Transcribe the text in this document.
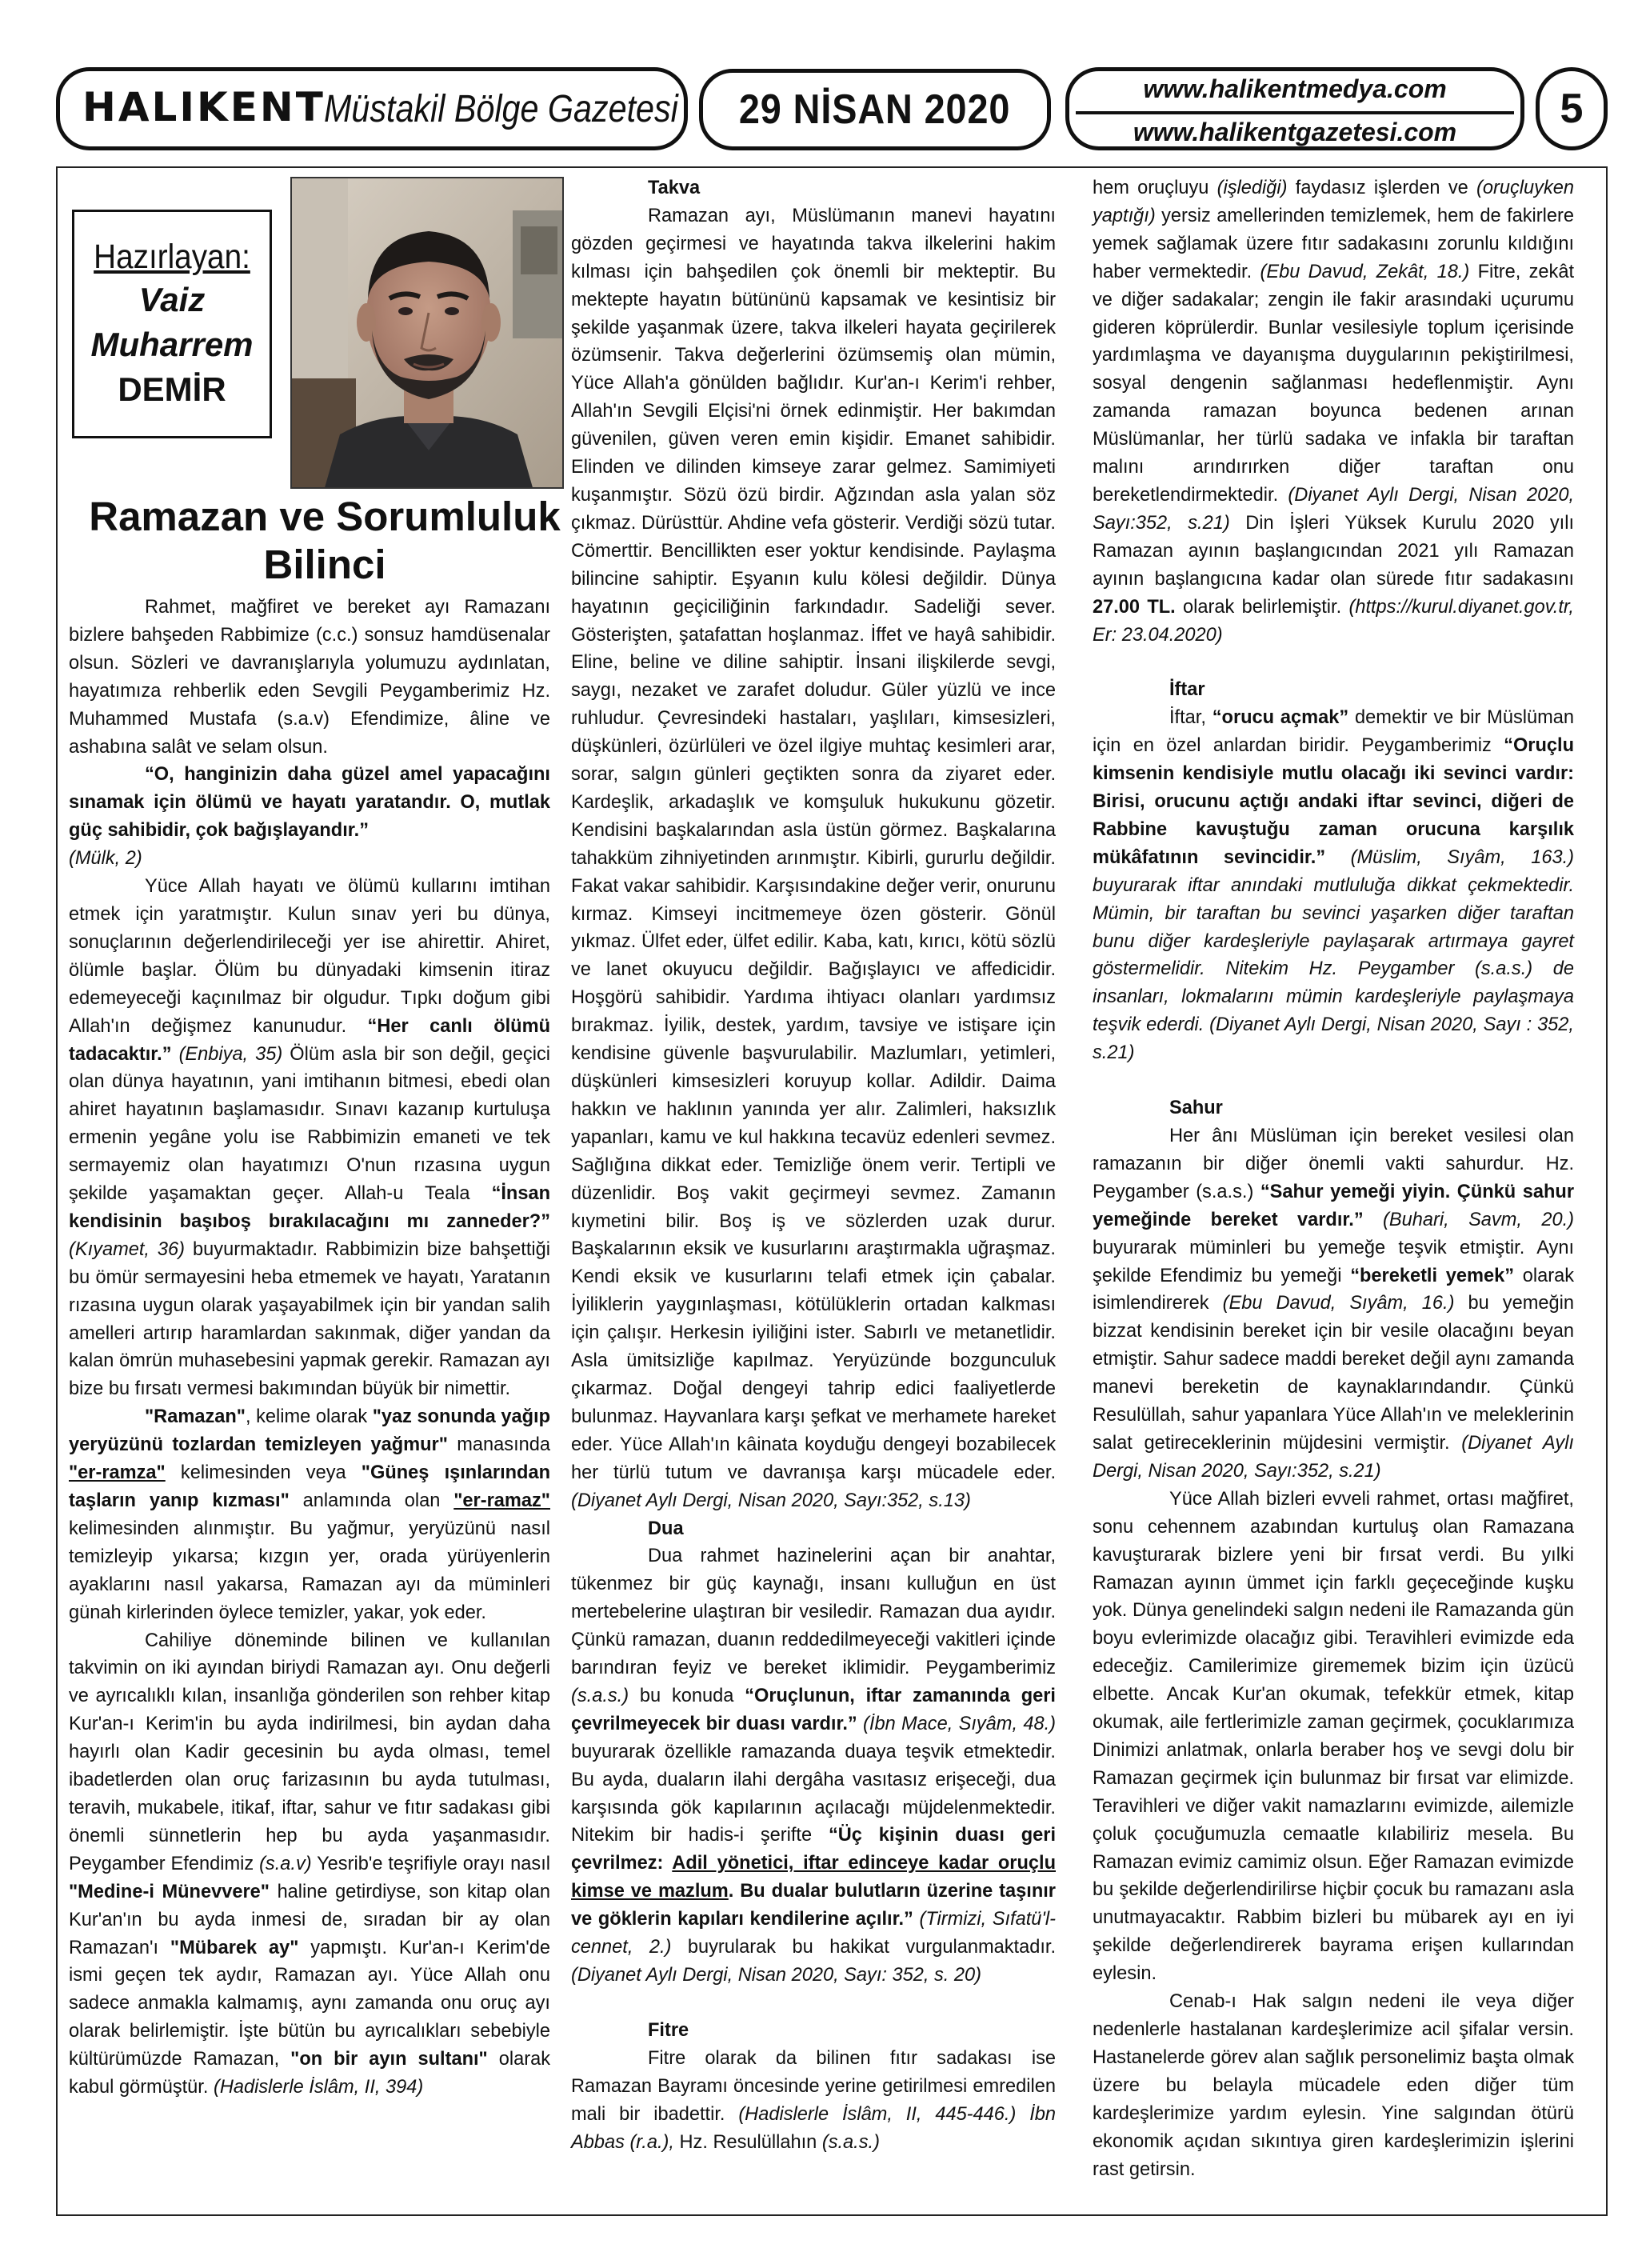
HALIKENT
Müstakil Bölge Gazetesi 29 NİSAN 2020	www.halikentmedya.com
www.halikentgazetesi.com	5
Hazırlayan:
Vaiz
Muharrem
DEMİR
Ramazan ve Sorumluluk
Bilinci

Rahmet, mağfiret ve bereket ayı Ramazanı bizlere bahşeden Rabbimize (c.c.) sonsuz hamdüsenalar olsun. Sözleri ve davranışlarıyla yolumuzu aydınlatan, hayatımıza rehberlik eden Sevgili Peygamberimiz Hz. Muhammed Mustafa (s.a.v) Efendimize, âline ve ashabına salât ve selam olsun.

“O, hanginizin daha güzel amel yapacağını sınamak için ölümü ve hayatı yaratandır. O, mutlak güç sahibidir, çok bağışlayandır.”

(Mülk, 2)

Yüce Allah hayatı ve ölümü kullarını imtihan etmek için yaratmıştır. Kulun sınav yeri bu dünya, sonuçlarının değerlendirileceği yer ise ahirettir. Ahiret, ölümle başlar. Ölüm bu dünyadaki kimsenin itiraz edemeyeceği kaçınılmaz bir olgudur. Tıpkı doğum gibi Allah'ın değişmez kanunudur. “Her canlı ölümü tadacaktır.” (Enbiya, 35) Ölüm asla bir son değil, geçici olan dünya hayatının, yani imtihanın bitmesi, ebedi olan ahiret hayatının başlamasıdır. Sınavı kazanıp kurtuluşa ermenin yegâne yolu ise Rabbimizin emaneti ve tek sermayemiz olan hayatımızı O'nun rızasına uygun şekilde yaşamaktan geçer. Allah-u Teala “İnsan kendisinin başıboş bırakılacağını mı zanneder?” (Kıyamet, 36) buyurmaktadır. Rabbimizin bize bahşettiği bu ömür sermayesini heba etmemek ve hayatı, Yaratanın rızasına uygun olarak yaşayabilmek için bir yandan salih amelleri artırıp haramlardan sakınmak, diğer yandan da kalan ömrün muhasebesini yapmak gerekir. Ramazan ayı bize bu fırsatı vermesi bakımından büyük bir nimettir.

"Ramazan", kelime olarak "yaz sonunda yağıp yeryüzünü tozlardan temizleyen yağmur" manasında "er-ramza" kelimesinden veya "Güneş ışınlarından taşların yanıp kızması" anlamında olan "er-ramaz" kelimesinden alınmıştır. Bu yağmur, yeryüzünü nasıl temizleyip yıkarsa; kızgın yer, orada yürüyenlerin ayaklarını nasıl yakarsa, Ramazan ayı da müminleri günah kirlerinden öylece temizler, yakar, yok eder.

Cahiliye döneminde bilinen ve kullanılan takvimin on iki ayından biriydi Ramazan ayı. Onu değerli ve ayrıcalıklı kılan, insanlığa gönderilen son rehber kitap Kur'an-ı Kerim'in bu ayda indirilmesi, bin aydan daha hayırlı olan Kadir gecesinin bu ayda olması, temel ibadetlerden olan oruç farizasının bu ayda tutulması, teravih, mukabele, itikaf, iftar, sahur ve fıtır sadakası gibi önemli sünnetlerin hep bu ayda yaşanmasıdır. Peygamber Efendimiz (s.a.v) Yesrib'e teşrifiyle orayı nasıl "Medine-i Münevvere" haline getirdiyse, son kitap olan Kur'an'ın bu ayda inmesi de, sıradan bir ay olan Ramazan'ı "Mübarek ay" yapmıştı. Kur'an-ı Kerim'de ismi geçen tek aydır, Ramazan ayı. Yüce Allah onu sadece anmakla kalmamış, aynı zamanda onu oruç ayı olarak belirlemiştir. İşte bütün bu ayrıcalıkları sebebiyle kültürümüzde Ramazan, "on bir ayın sultanı" olarak kabul görmüştür. (Hadislerle İslâm, II, 394)

Takva

Ramazan ayı, Müslümanın manevi hayatını gözden geçirmesi ve hayatında takva ilkelerini hakim kılması için bahşedilen çok önemli bir mekteptir. Bu mektepte hayatın bütününü kapsamak ve kesintisiz bir şekilde yaşanmak üzere, takva ilkeleri hayata geçirilerek özümsenir. Takva değerlerini özümsemiş olan mümin, Yüce Allah'a gönülden bağlıdır. Kur'an-ı Kerim'i rehber, Allah'ın Sevgili Elçisi'ni örnek edinmiştir. Her bakımdan güvenilen, güven veren emin kişidir. Emanet sahibidir. Elinden ve dilinden kimseye zarar gelmez. Samimiyeti kuşanmıştır. Sözü özü birdir. Ağzından asla yalan söz çıkmaz. Dürüsttür. Ahdine vefa gösterir. Verdiği sözü tutar. Cömerttir. Bencillikten eser yoktur kendisinde. Paylaşma bilincine sahiptir. Eşyanın kulu kölesi değildir. Dünya hayatının geçiciliğinin farkındadır. Sadeliği sever. Gösterişten, şatafattan hoşlanmaz. İffet ve hayâ sahibidir. Eline, beline ve diline sahiptir. İnsani ilişkilerde sevgi, saygı, nezaket ve zarafet doludur. Güler yüzlü ve ince ruhludur. Çevresindeki hastaları, yaşlıları, kimsesizleri, düşkünleri, özürlüleri ve özel ilgiye muhtaç kesimleri arar, sorar, salgın günleri geçtikten sonra da ziyaret eder. Kardeşlik, arkadaşlık ve komşuluk hukukunu gözetir. Kendisini başkalarından asla üstün görmez. Başkalarına tahakküm zihniyetinden arınmıştır. Kibirli, gururlu değildir. Fakat vakar sahibidir. Karşısındakine değer verir, onurunu kırmaz. Kimseyi incitmemeye özen gösterir. Gönül yıkmaz. Ülfet eder, ülfet edilir. Kaba, katı, kırıcı, kötü sözlü ve lanet okuyucu değildir. Bağışlayıcı ve affedicidir. Hoşgörü sahibidir. Yardıma ihtiyacı olanları yardımsız bırakmaz. İyilik, destek, yardım, tavsiye ve istişare için kendisine güvenle başvurulabilir. Mazlumları, yetimleri, düşkünleri kimsesizleri koruyup kollar. Adildir. Daima hakkın ve haklının yanında yer alır. Zalimleri, haksızlık yapanları, kamu ve kul hakkına tecavüz edenleri sevmez. Sağlığına dikkat eder. Temizliğe önem verir. Tertipli ve düzenlidir. Boş vakit geçirmeyi sevmez. Zamanın kıymetini bilir. Boş iş ve sözlerden uzak durur. Başkalarının eksik ve kusurlarını araştırmakla uğraşmaz. Kendi eksik ve kusurlarını telafi etmek için çabalar. İyiliklerin yaygınlaşması, kötülüklerin ortadan kalkması için çalışır. Herkesin iyiliğini ister. Sabırlı ve metanetlidir. Asla ümitsizliğe kapılmaz. Yeryüzünde bozgunculuk çıkarmaz. Doğal dengeyi tahrip edici faaliyetlerde bulunmaz. Hayvanlara karşı şefkat ve merhamete hareket eder. Yüce Allah'ın kâinata koyduğu dengeyi bozabilecek her türlü tutum ve davranışa karşı mücadele eder. (Diyanet Aylı Dergi, Nisan 2020, Sayı:352, s.13)

Dua

Dua rahmet hazinelerini açan bir anahtar, tükenmez bir güç kaynağı, insanı kulluğun en üst mertebelerine ulaştıran bir vesiledir. Ramazan dua ayıdır. Çünkü ramazan, duanın reddedilmeyeceği vakitleri içinde barındıran feyiz ve bereket iklimidir. Peygamberimiz (s.a.s.) bu konuda “Oruçlunun, iftar zamanında geri çevrilmeyecek bir duası vardır.” (İbn Mace, Sıyâm, 48.) buyurarak özellikle ramazanda duaya teşvik etmektedir. Bu ayda, duaların ilahi dergâha vasıtasız erişeceği, dua karşısında gök kapılarının açılacağı müjdelenmektedir. Nitekim bir hadis-i şerifte “Üç kişinin duası geri çevrilmez: Adil yönetici, iftar edinceye kadar oruçlu kimse ve mazlum. Bu dualar bulutların üzerine taşınır ve göklerin kapıları kendilerine açılır.” (Tirmizi, Sıfatü'l-cennet, 2.) buyrularak bu hakikat vurgulanmaktadır. (Diyanet Aylı Dergi, Nisan 2020, Sayı: 352, s. 20)

Fitre

Fitre olarak da bilinen fıtır sadakası ise Ramazan Bayramı öncesinde yerine getirilmesi emredilen mali bir ibadettir. (Hadislerle İslâm, II, 445-446.) İbn Abbas (r.a.), Hz. Resulüllahın (s.a.s.)

hem oruçluyu (işlediği) faydasız işlerden ve (oruçluyken yaptığı) yersiz amellerinden temizlemek, hem de fakirlere yemek sağlamak üzere fıtır sadakasını zorunlu kıldığını haber vermektedir. (Ebu Davud, Zekât, 18.) Fitre, zekât ve diğer sadakalar; zengin ile fakir arasındaki uçurumu gideren köprülerdir. Bunlar vesilesiyle toplum içerisinde yardımlaşma ve dayanışma duygularının pekiştirilmesi, sosyal dengenin sağlanması hedeflenmiştir. Aynı zamanda ramazan boyunca bedenen arınan Müslümanlar, her türlü sadaka ve infakla bir taraftan malını arındırırken diğer taraftan onu bereketlendirmektedir. (Diyanet Aylı Dergi, Nisan 2020, Sayı:352, s.21) Din İşleri Yüksek Kurulu 2020 yılı Ramazan ayının başlangıcından 2021 yılı Ramazan ayının başlangıcına kadar olan sürede fıtır sadakasını 27.00 TL. olarak belirlemiştir. (https://kurul.diyanet.gov.tr, Er: 23.04.2020)

İftar

İftar, “orucu açmak” demektir ve bir Müslüman için en özel anlardan biridir. Peygamberimiz “Oruçlu kimsenin kendisiyle mutlu olacağı iki sevinci vardır: Birisi, orucunu açtığı andaki iftar sevinci, diğeri de Rabbine kavuştuğu zaman orucuna karşılık mükâfatının sevincidir.” (Müslim, Sıyâm, 163.) buyurarak iftar anındaki mutluluğa dikkat çekmektedir. Mümin, bir taraftan bu sevinci yaşarken diğer taraftan bunu diğer kardeşleriyle paylaşarak artırmaya gayret göstermelidir. Nitekim Hz. Peygamber (s.a.s.) de insanları, lokmalarını mümin kardeşleriyle paylaşmaya teşvik ederdi. (Diyanet Aylı Dergi, Nisan 2020, Sayı : 352, s.21)

Sahur

Her ânı Müslüman için bereket vesilesi olan ramazanın bir diğer önemli vakti sahurdur. Hz. Peygamber (s.a.s.) “Sahur yemeği yiyin. Çünkü sahur yemeğinde bereket vardır.” (Buhari, Savm, 20.) buyurarak müminleri bu yemeğe teşvik etmiştir. Aynı şekilde Efendimiz bu yemeği “bereketli yemek” olarak isimlendirerek (Ebu Davud, Sıyâm, 16.) bu yemeğin bizzat kendisinin bereket için bir vesile olacağını beyan etmiştir. Sahur sadece maddi bereket değil aynı zamanda manevi bereketin de kaynaklarındandır. Çünkü Resulüllah, sahur yapanlara Yüce Allah'ın ve meleklerinin salat getireceklerinin müjdesini vermiştir. (Diyanet Aylı Dergi, Nisan 2020, Sayı:352, s.21)

Yüce Allah bizleri evveli rahmet, ortası mağfiret, sonu cehennem azabından kurtuluş olan Ramazana kavuşturarak bizlere yeni bir fırsat verdi. Bu yılki Ramazan ayının ümmet için farklı geçeceğinde kuşku yok. Dünya genelindeki salgın nedeni ile Ramazanda gün boyu evlerimizde olacağız gibi. Teravihleri evimizde eda edeceğiz. Camilerimize girememek bizim için üzücü elbette. Ancak Kur'an okumak, tefekkür etmek, kitap okumak, aile fertlerimizle zaman geçirmek, çocuklarımıza Dinimizi anlatmak, onlarla beraber hoş ve sevgi dolu bir Ramazan geçirmek için bulunmaz bir fırsat var elimizde. Teravihleri ve diğer vakit namazlarını evimizde, ailemizle çoluk çocuğumuzla cemaatle kılabiliriz mesela. Bu Ramazan evimiz camimiz olsun. Eğer Ramazan evimizde bu şekilde değerlendirilirse hiçbir çocuk bu ramazanı asla unutmayacaktır. Rabbim bizleri bu mübarek ayı en iyi şekilde değerlendirerek bayrama erişen kullarından eylesin.

Cenab-ı Hak salgın nedeni ile veya diğer nedenlerle hastalanan kardeşlerimize acil şifalar versin. Hastanelerde görev alan sağlık personelimiz başta olmak üzere bu belayla mücadele eden diğer tüm kardeşlerimize yardım eylesin. Yine salgından ötürü ekonomik açıdan sıkıntıya giren kardeşlerimizin işlerini rast getirsin.
